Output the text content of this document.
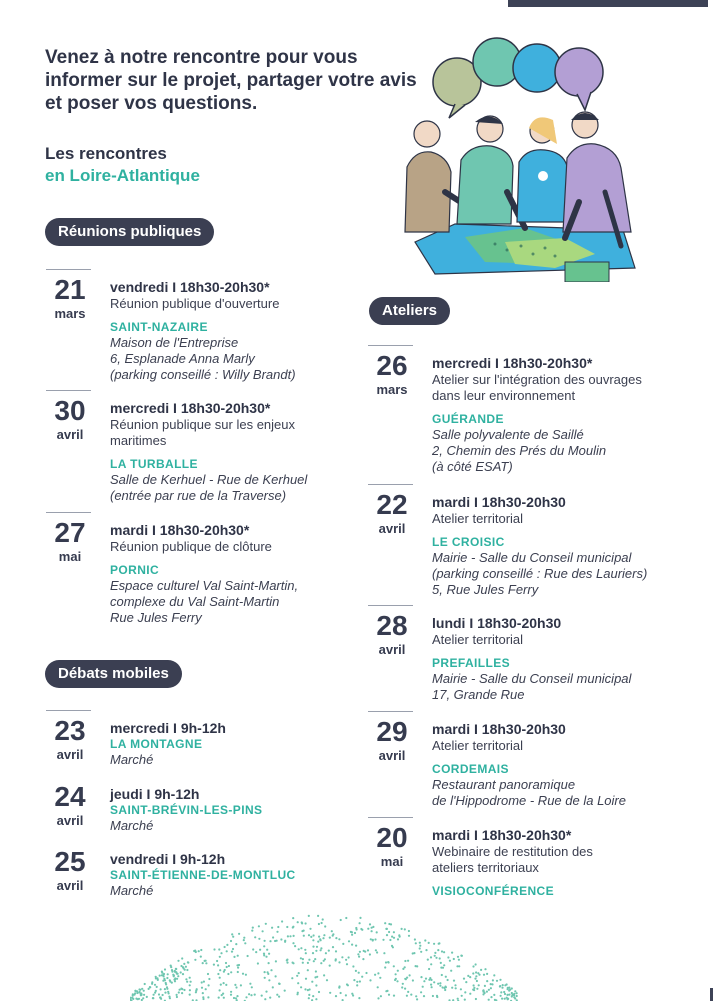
Venez à notre rencontre pour vous informer sur le projet, partager votre avis et poser vos questions.

Les rencontres
en Loire-Atlantique
Réunions publiques
21
mars
vendredi I 18h30-20h30*
Réunion publique d'ouverture
SAINT-NAZAIRE
Maison de l'Entreprise
6, Esplanade Anna Marly
(parking conseillé : Willy Brandt)
30
avril
mercredi I 18h30-20h30*
Réunion publique sur les enjeux maritimes
LA TURBALLE
Salle de Kerhuel - Rue de Kerhuel
(entrée par rue de la Traverse)
27
mai
mardi I 18h30-20h30*
Réunion publique de clôture
PORNIC
Espace culturel Val Saint-Martin,
complexe du Val Saint-Martin
Rue Jules Ferry
Débats mobiles
23
avril
mercredi I 9h-12h
LA MONTAGNE
Marché
24
avril
jeudi I 9h-12h
SAINT-BRÉVIN-LES-PINS
Marché
25
avril
vendredi I 9h-12h
SAINT-ÉTIENNE-DE-MONTLUC
Marché
Ateliers
26
mars
mercredi I 18h30-20h30*
Atelier sur l'intégration des ouvrages dans leur environnement
GUÉRANDE
Salle polyvalente de Saillé
2, Chemin des Prés du Moulin
(à côté ESAT)
22
avril
mardi I 18h30-20h30
Atelier territorial
LE CROISIC
Mairie - Salle du Conseil municipal
(parking conseillé : Rue des Lauriers)
5, Rue Jules Ferry
28
avril
lundi I 18h30-20h30
Atelier territorial
PREFAILLES
Mairie - Salle du Conseil municipal
17, Grande Rue
29
avril
mardi I 18h30-20h30
Atelier territorial
CORDEMAIS
Restaurant panoramique
de l'Hippodrome - Rue de la Loire
20
mai
mardi I 18h30-20h30*
Webinaire de restitution des ateliers territoriaux
VISIOCONFÉRENCE
